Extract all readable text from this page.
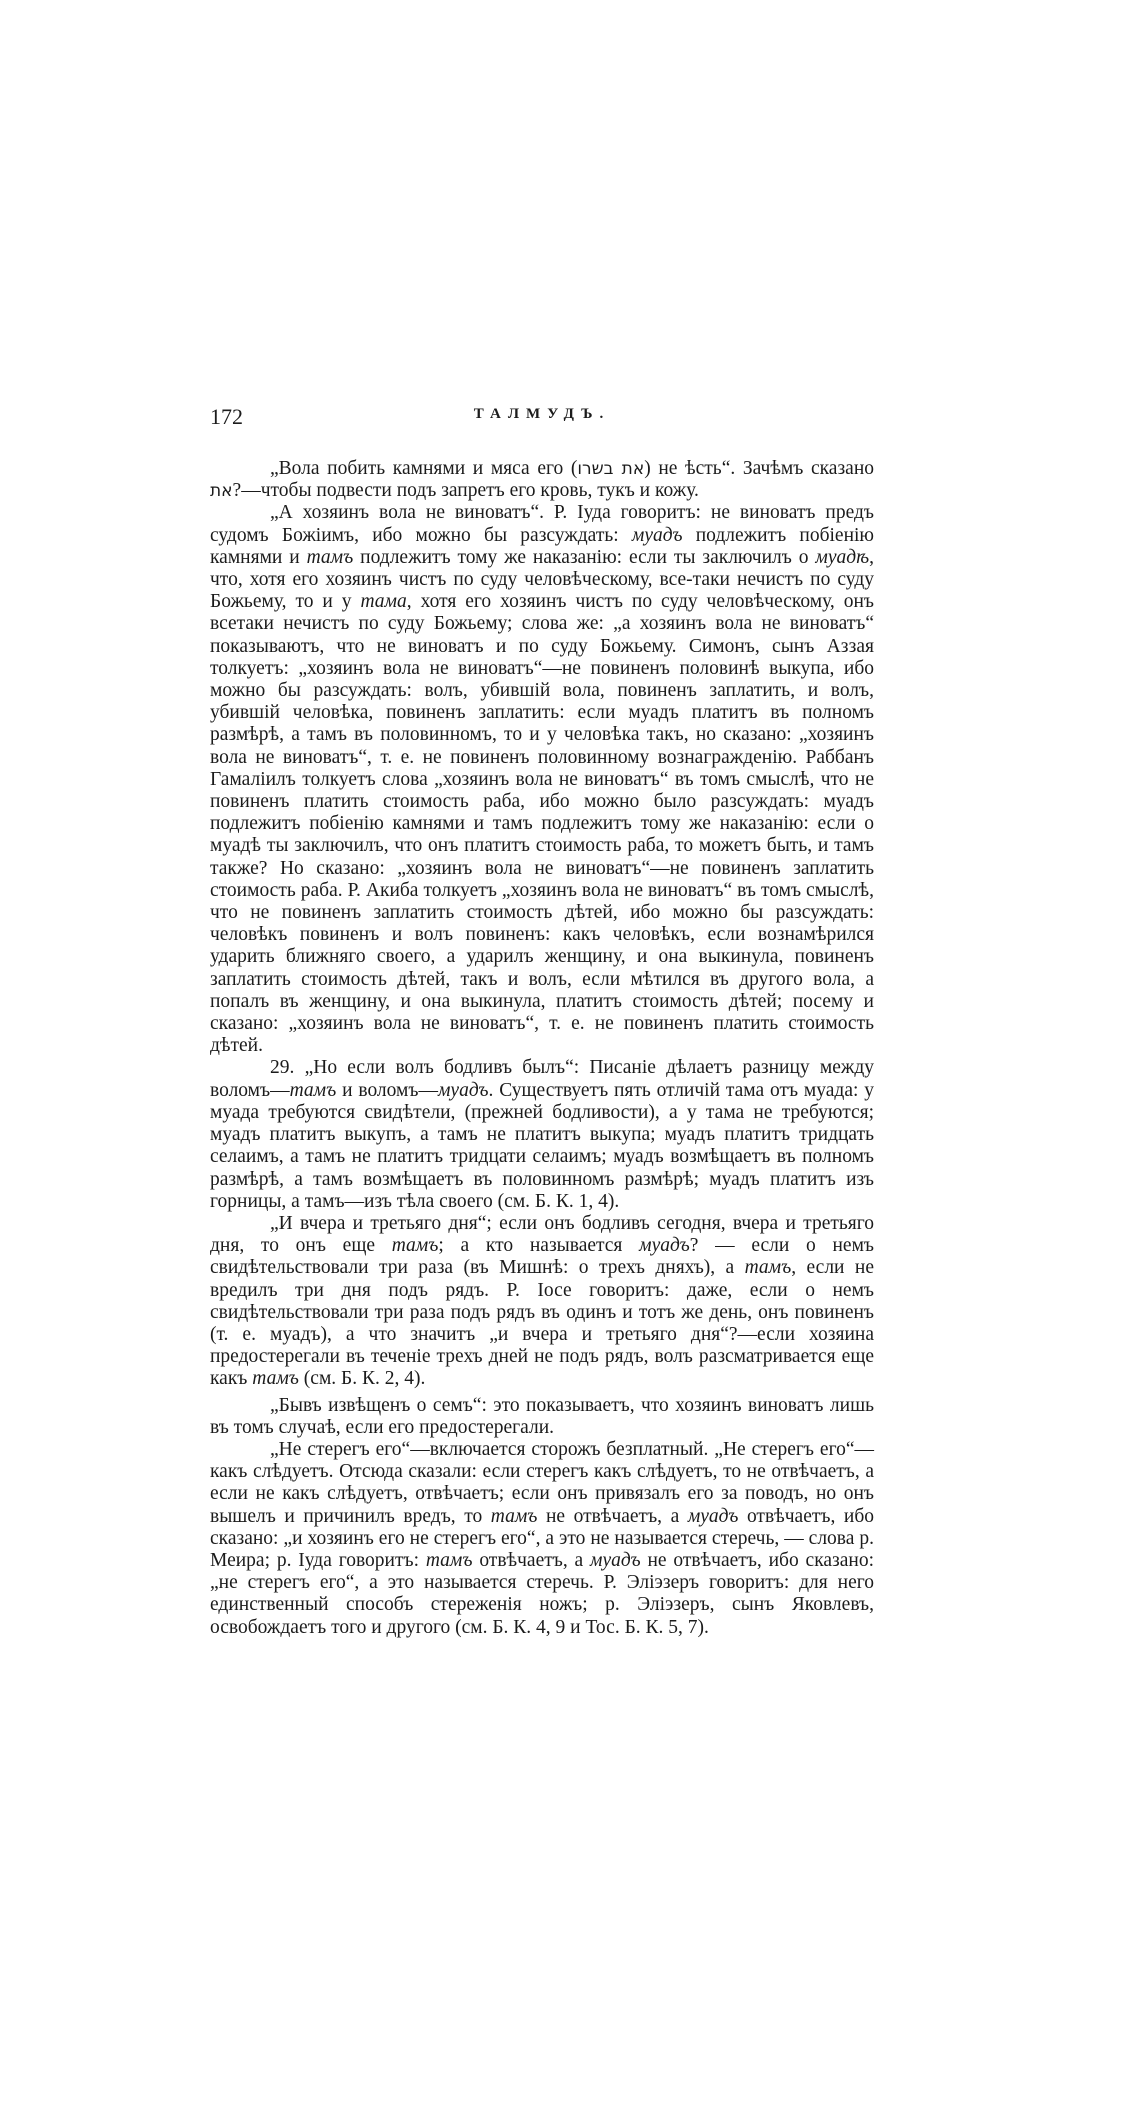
172	ТАЛМУДЪ.

„Вола побить камнями и мяса его (את בשרו) не ѣсть“. Зачѣмъ сказано את?—чтобы подвести подъ запретъ его кровь, тукъ и кожу.

„А хозяинъ вола не виноватъ“. Р. Іуда говоритъ: не виноватъ предъ судомъ Божіимъ, ибо можно бы разсуждать: муадъ подлежитъ побіенію камнями и тамъ подлежитъ тому же наказанію: если ты заключилъ о муадѣ, что, хотя его хозяинъ чистъ по суду человѣческому, все-таки нечистъ по суду Божьему, то и у тама, хотя его хозяинъ чистъ по суду человѣческому, онъ всетаки нечистъ по суду Божьему; слова же: „а хозяинъ вола не виноватъ“ показываютъ, что не виноватъ и по суду Божьему. Симонъ, сынъ Аззая толкуетъ: „хозяинъ вола не виноватъ“—не повиненъ половинѣ выкупа, ибо можно бы разсуждать: волъ, убившій вола, повиненъ заплатить, и волъ, убившій человѣка, повиненъ заплатить: если муадъ платитъ въ полномъ размѣрѣ, а тамъ въ половинномъ, то и у человѣка такъ, но сказано: „хозяинъ вола не виноватъ“, т. е. не повиненъ половинному вознагражденію. Раббанъ Гамаліилъ толкуетъ слова „хозяинъ вола не виноватъ“ въ томъ смыслѣ, что не повиненъ платить стоимость раба, ибо можно было разсуждать: муадъ подлежитъ побіенію камнями и тамъ подлежитъ тому же наказанію: если о муадѣ ты заключилъ, что онъ платитъ стоимость раба, то можетъ быть, и тамъ также? Но сказано: „хозяинъ вола не виноватъ“—не повиненъ заплатить стоимость раба. Р. Акиба толкуетъ „хозяинъ вола не виноватъ“ въ томъ смыслѣ, что не повиненъ заплатить стоимость дѣтей, ибо можно бы разсуждать: человѣкъ повиненъ и волъ повиненъ: какъ человѣкъ, если вознамѣрился ударить ближняго своего, а ударилъ женщину, и она выкинула, повиненъ заплатить стоимость дѣтей, такъ и волъ, если мѣтился въ другого вола, а попалъ въ женщину, и она выкинула, платитъ стоимость дѣтей; посему и сказано: „хозяинъ вола не виноватъ“, т. е. не повиненъ платить стоимость дѣтей.

29. „Но если волъ бодливъ былъ“: Писаніе дѣлаетъ разницу между воломъ—тамъ и воломъ—муадъ. Существуетъ пять отличій тама отъ муада: у муада требуются свидѣтели, (прежней бодливости), а у тама не требуются; муадъ платитъ выкупъ, а тамъ не платитъ выкупа; муадъ платитъ тридцать селаимъ, а тамъ не платитъ тридцати селаимъ; муадъ возмѣщаетъ въ полномъ размѣрѣ, а тамъ возмѣщаетъ въ половинномъ размѣрѣ; муадъ платитъ изъ горницы, а тамъ—изъ тѣла своего (см. Б. К. 1, 4).

„И вчера и третьяго дня“; если онъ бодливъ сегодня, вчера и третьяго дня, то онъ еще тамъ; а кто называется муадъ? — если о немъ свидѣтельствовали три раза (въ Мишнѣ: о трехъ дняхъ), а тамъ, если не вредилъ три дня подъ рядъ. Р. Іосе говоритъ: даже, если о немъ свидѣтельствовали три раза подъ рядъ въ одинъ и тотъ же день, онъ повиненъ (т. е. муадъ), а что значитъ „и вчера и третьяго дня“?—если хозяина предостерегали въ теченіе трехъ дней не подъ рядъ, волъ разсматривается еще какъ тамъ (см. Б. К. 2, 4).

„Бывъ извѣщенъ о семъ“: это показываетъ, что хозяинъ виноватъ лишь въ томъ случаѣ, если его предостерегали.

„Не стерегъ его“—включается сторожъ безплатный. „Не стерегъ его“—какъ слѣдуетъ. Отсюда сказали: если стерегъ какъ слѣдуетъ, то не отвѣчаетъ, а если не какъ слѣдуетъ, отвѣчаетъ; если онъ привязалъ его за поводъ, но онъ вышелъ и причинилъ вредъ, то тамъ не отвѣчаетъ, а муадъ отвѣчаетъ, ибо сказано: „и хозяинъ его не стерегъ его“, а это не называется стеречь, — слова р. Меира; р. Іуда говоритъ: тамъ отвѣчаетъ, а муадъ не отвѣчаетъ, ибо сказано: „не стерегъ его“, а это называется стеречь. Р. Эліэзеръ говоритъ: для него единственный способъ стереженія ножъ; р. Эліэзеръ, сынъ Яковлевъ, освобождаетъ того и другого (см. Б. К. 4, 9 и Тос. Б. К. 5, 7).
